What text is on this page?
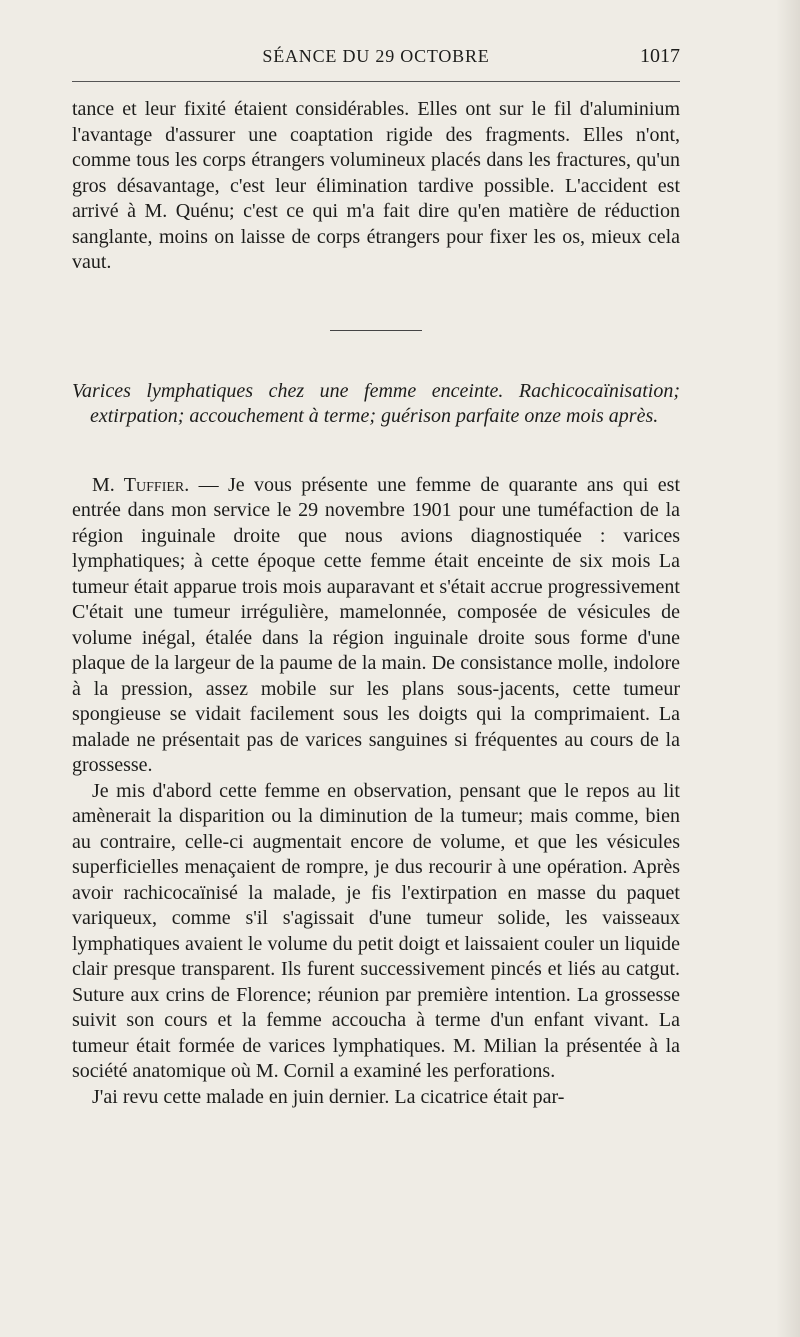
SÉANCE DU 29 OCTOBRE	1017

tance et leur fixité étaient considérables. Elles ont sur le fil d'aluminium l'avantage d'assurer une coaptation rigide des fragments. Elles n'ont, comme tous les corps étrangers volumineux placés dans les fractures, qu'un gros désavantage, c'est leur élimination tardive possible. L'accident est arrivé à M. Quénu; c'est ce qui m'a fait dire qu'en matière de réduction sanglante, moins on laisse de corps étrangers pour fixer les os, mieux cela vaut.

Varices lymphatiques chez une femme enceinte. Rachicocaïnisation; extirpation; accouchement à terme; guérison parfaite onze mois après.

M. Tuffier. — Je vous présente une femme de quarante ans qui est entrée dans mon service le 29 novembre 1901 pour une tuméfaction de la région inguinale droite que nous avions diagnostiquée : varices lymphatiques; à cette époque cette femme était enceinte de six mois La tumeur était apparue trois mois auparavant et s'était accrue progressivement C'était une tumeur irrégulière, mamelonnée, composée de vésicules de volume inégal, étalée dans la région inguinale droite sous forme d'une plaque de la largeur de la paume de la main. De consistance molle, indolore à la pression, assez mobile sur les plans sous-jacents, cette tumeur spongieuse se vidait facilement sous les doigts qui la comprimaient. La malade ne présentait pas de varices sanguines si fréquentes au cours de la grossesse.

Je mis d'abord cette femme en observation, pensant que le repos au lit amènerait la disparition ou la diminution de la tumeur; mais comme, bien au contraire, celle-ci augmentait encore de volume, et que les vésicules superficielles menaçaient de rompre, je dus recourir à une opération. Après avoir rachicocaïnisé la malade, je fis l'extirpation en masse du paquet variqueux, comme s'il s'agissait d'une tumeur solide, les vaisseaux lymphatiques avaient le volume du petit doigt et laissaient couler un liquide clair presque transparent. Ils furent successivement pincés et liés au catgut. Suture aux crins de Florence; réunion par première intention. La grossesse suivit son cours et la femme accoucha à terme d'un enfant vivant. La tumeur était formée de varices lymphatiques. M. Milian la présentée à la société anatomique où M. Cornil a examiné les perforations.

J'ai revu cette malade en juin dernier. La cicatrice était par-
